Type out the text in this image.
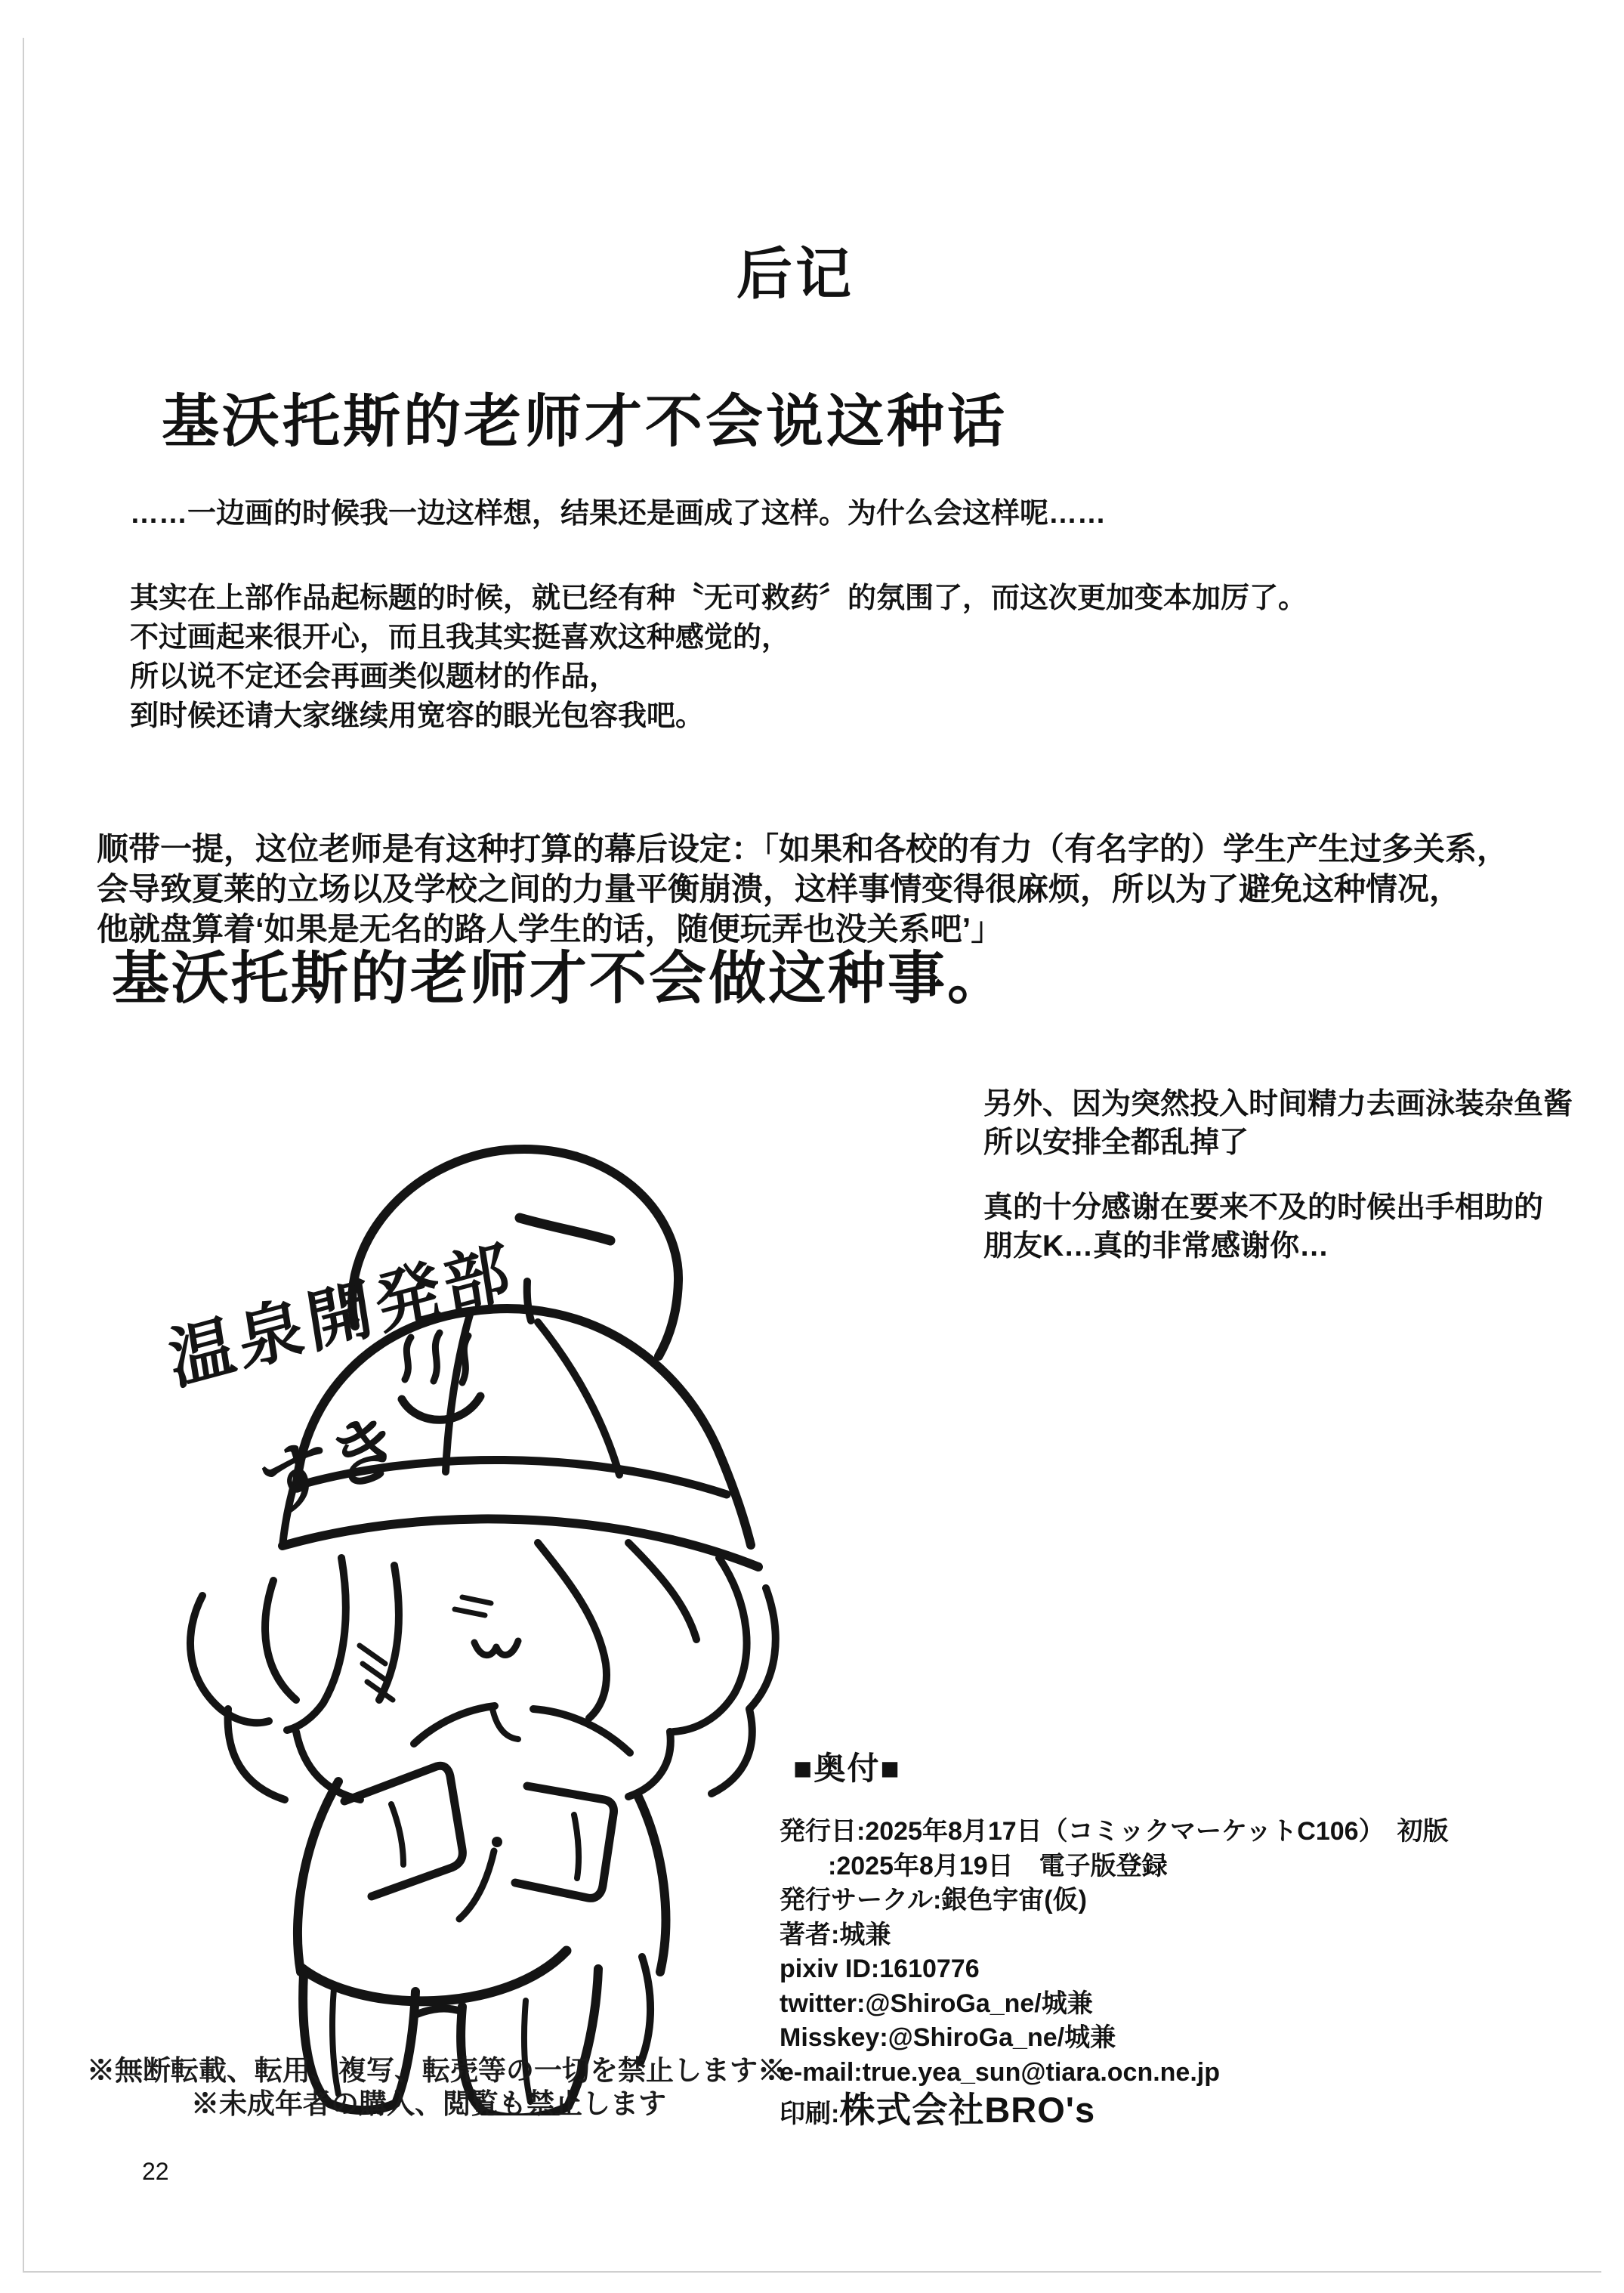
后记
基沃托斯的老师才不会说这种话
……一边画的时候我一边这样想，结果还是画成了这样。为什么会这样呢……
其实在上部作品起标题的时候，就已经有种〝无可救药〞的氛围了，而这次更加变本加厉了。
不过画起来很开心，而且我其实挺喜欢这种感觉的，
所以说不定还会再画类似题材的作品，
到时候还请大家继续用宽容的眼光包容我吧。
顺带一提，这位老师是有这种打算的幕后设定：「如果和各校的有力（有名字的）学生产生过多关系，
会导致夏莱的立场以及学校之间的力量平衡崩溃，这样事情变得很麻烦，所以为了避免这种情况，
他就盘算着‘如果是无名的路人学生的话，随便玩弄也没关系吧’」
基沃托斯的老师才不会做这种事。
另外、因为突然投入时间精力去画泳装杂鱼酱
所以安排全都乱掉了
真的十分感谢在要来不及的时候出手相助的
朋友K…真的非常感谢你…
温泉開発部
すき
■奥付■
発行日:2025年8月17日（コミックマーケットC106）　初版
:2025年8月19日　電子版登録
発行サークル:銀色宇宙(仮)
著者:城兼
pixiv ID:1610776
twitter:@ShiroGa_ne/城兼
Misskey:@ShiroGa_ne/城兼
e-mail:true.yea_sun@tiara.ocn.ne.jp
印刷: 株式会社BRO's
※無断転載、転用、複写、転売等の一切を禁止します※
※未成年者の購入、閲覧も禁止します
22
